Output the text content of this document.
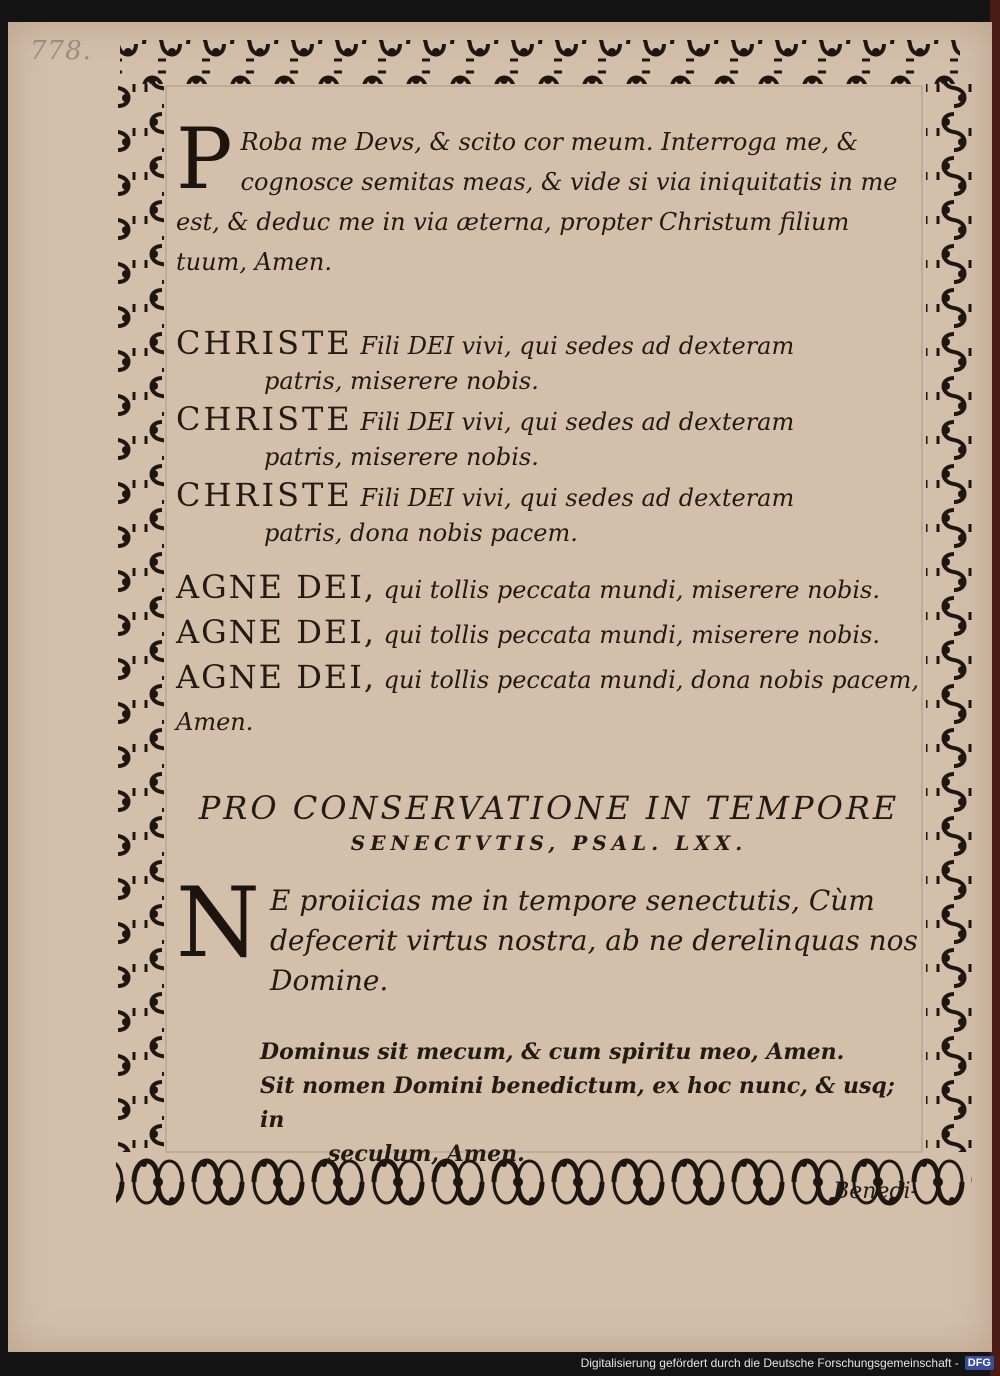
778.

P Roba me Devs, & scito cor meum. Interroga me, & cognosce semitas meas, & vide si via iniquitatis in me est, & deduc me in via æterna, propter Christum filium tuum, Amen.

CHRISTE Fili DEI vivi, qui sedes ad dexteram
patris, miserere nobis.
CHRISTE Fili DEI vivi, qui sedes ad dexteram
patris, miserere nobis.
CHRISTE Fili DEI vivi, qui sedes ad dexteram
patris, dona nobis pacem.
AGNE DEI, qui tollis peccata mundi, miserere nobis.
AGNE DEI, qui tollis peccata mundi, miserere nobis.
AGNE DEI, qui tollis peccata mundi, dona nobis pacem, Amen.
PRO CONSERVATIONE IN TEMPORE
SENECTVTIS, PSAL. LXX.

N E proiicias me in tempore senectutis, Cùm defecerit virtus nostra, ab ne derelinquas nos Domine.

Dominus sit mecum, & cum spiritu meo, Amen.
Sit nomen Domini benedictum, ex hoc nunc, & usq; in
seculum, Amen.
Benedi-
Digitalisierung gefördert durch die Deutsche Forschungsgemeinschaft - DFG
